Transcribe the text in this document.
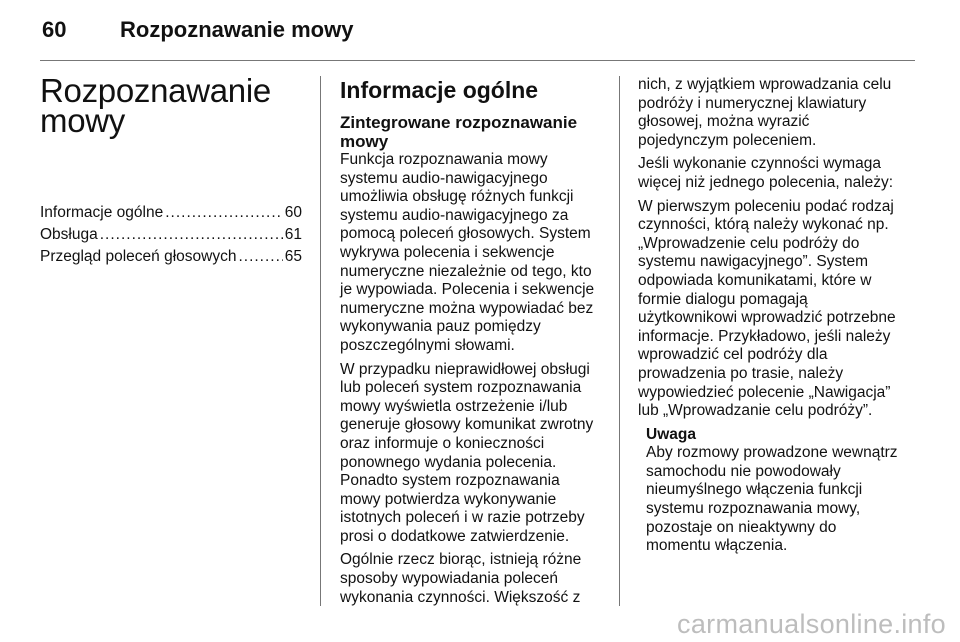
60 Rozpoznawanie mowy
Rozpoznawanie
mowy
Informacje ogólne .....	60
Obsługa .....	61
Przegląd poleceń głosowych .....	65
Informacje ogólne
Zintegrowane rozpoznawanie mowy

Funkcja rozpoznawania mowy systemu audio-nawigacyjnego umożliwia obsługę różnych funkcji systemu audio-nawigacyjnego za pomocą poleceń głosowych. System wykrywa polecenia i sekwencje numeryczne niezależnie od tego, kto je wypowiada. Polecenia i sekwencje numeryczne można wypowiadać bez wykonywania pauz pomiędzy poszczególnymi słowami.

W przypadku nieprawidłowej obsługi lub poleceń system rozpoznawania mowy wyświetla ostrzeżenie i/lub generuje głosowy komunikat zwrotny oraz informuje o konieczności ponownego wydania polecenia. Ponadto system rozpoznawania mowy potwierdza wykonywanie istotnych poleceń i w razie potrzeby prosi o dodatkowe zatwierdzenie.

Ogólnie rzecz biorąc, istnieją różne sposoby wypowiadania poleceń wykonania czynności. Większość z

nich, z wyjątkiem wprowadzania celu podróży i numerycznej klawiatury głosowej, można wyrazić pojedynczym poleceniem.

Jeśli wykonanie czynności wymaga więcej niż jednego polecenia, należy:

W pierwszym poleceniu podać rodzaj czynności, którą należy wykonać np. „Wprowadzenie celu podróży do systemu nawigacyjnego”. System odpowiada komunikatami, które w formie dialogu pomagają użytkownikowi wprowadzić potrzebne informacje. Przykładowo, jeśli należy wprowadzić cel podróży dla prowadzenia po trasie, należy wypowiedzieć polecenie „Nawigacja” lub „Wprowadzanie celu podróży”.

Uwaga

Aby rozmowy prowadzone wewnątrz samochodu nie powodowały nieumyślnego włączenia funkcji systemu rozpoznawania mowy, pozostaje on nieaktywny do momentu włączenia.

carmanualsonline.info
